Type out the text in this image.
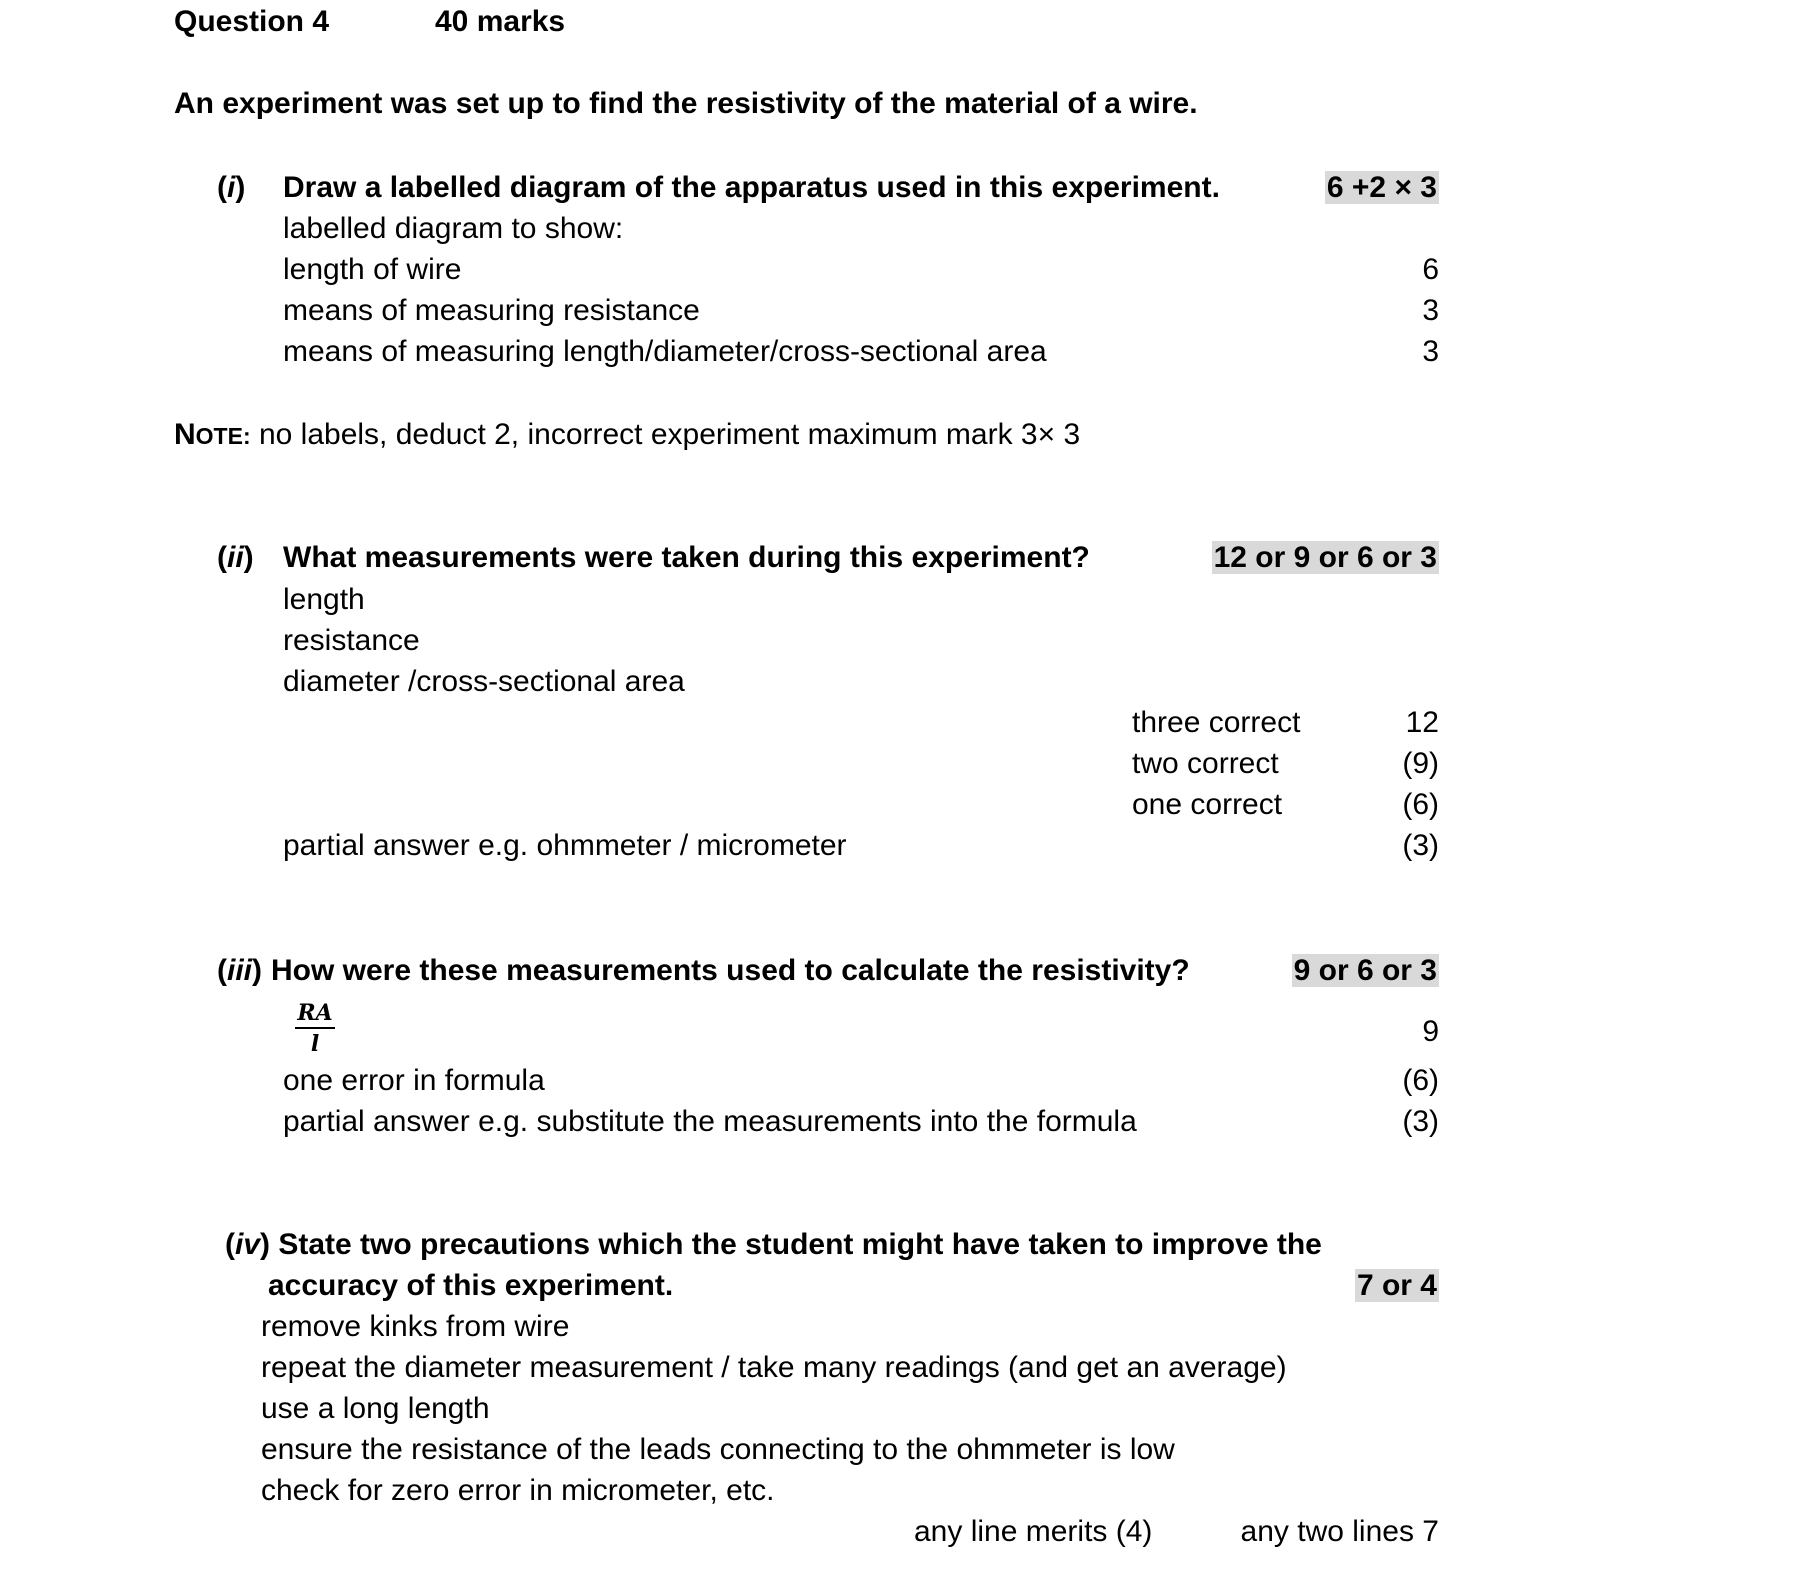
Question 4	40 marks
An experiment was set up to find the resistivity of the material of a wire.
(i) Draw a labelled diagram of the apparatus used in this experiment.	6 +2 × 3
labelled diagram to show:
length of wire	6
means of measuring resistance	3
means of measuring length/diameter/cross-sectional area	3
NOTE: no labels, deduct 2, incorrect experiment maximum mark 3× 3
(ii) What measurements were taken during this experiment?	12 or 9 or 6 or 3
length
resistance
diameter /cross-sectional area
three correct	12
two correct	(9)
one correct	(6)
partial answer e.g. ohmmeter / micrometer	(3)
(iii) How were these measurements used to calculate the resistivity?	9 or 6 or 3
$\frac{RA}{l}$	9
one error in formula	(6)
partial answer e.g. substitute the measurements into the formula	(3)
(iv) State two precautions which the student might have taken to improve the
accuracy of this experiment.	7 or 4
remove kinks from wire
repeat the diameter measurement / take many readings (and get an average)
use a long length
ensure the resistance of the leads connecting to the ohmmeter is low
check for zero error in micrometer, etc.
any line merits (4)	any two lines 7
